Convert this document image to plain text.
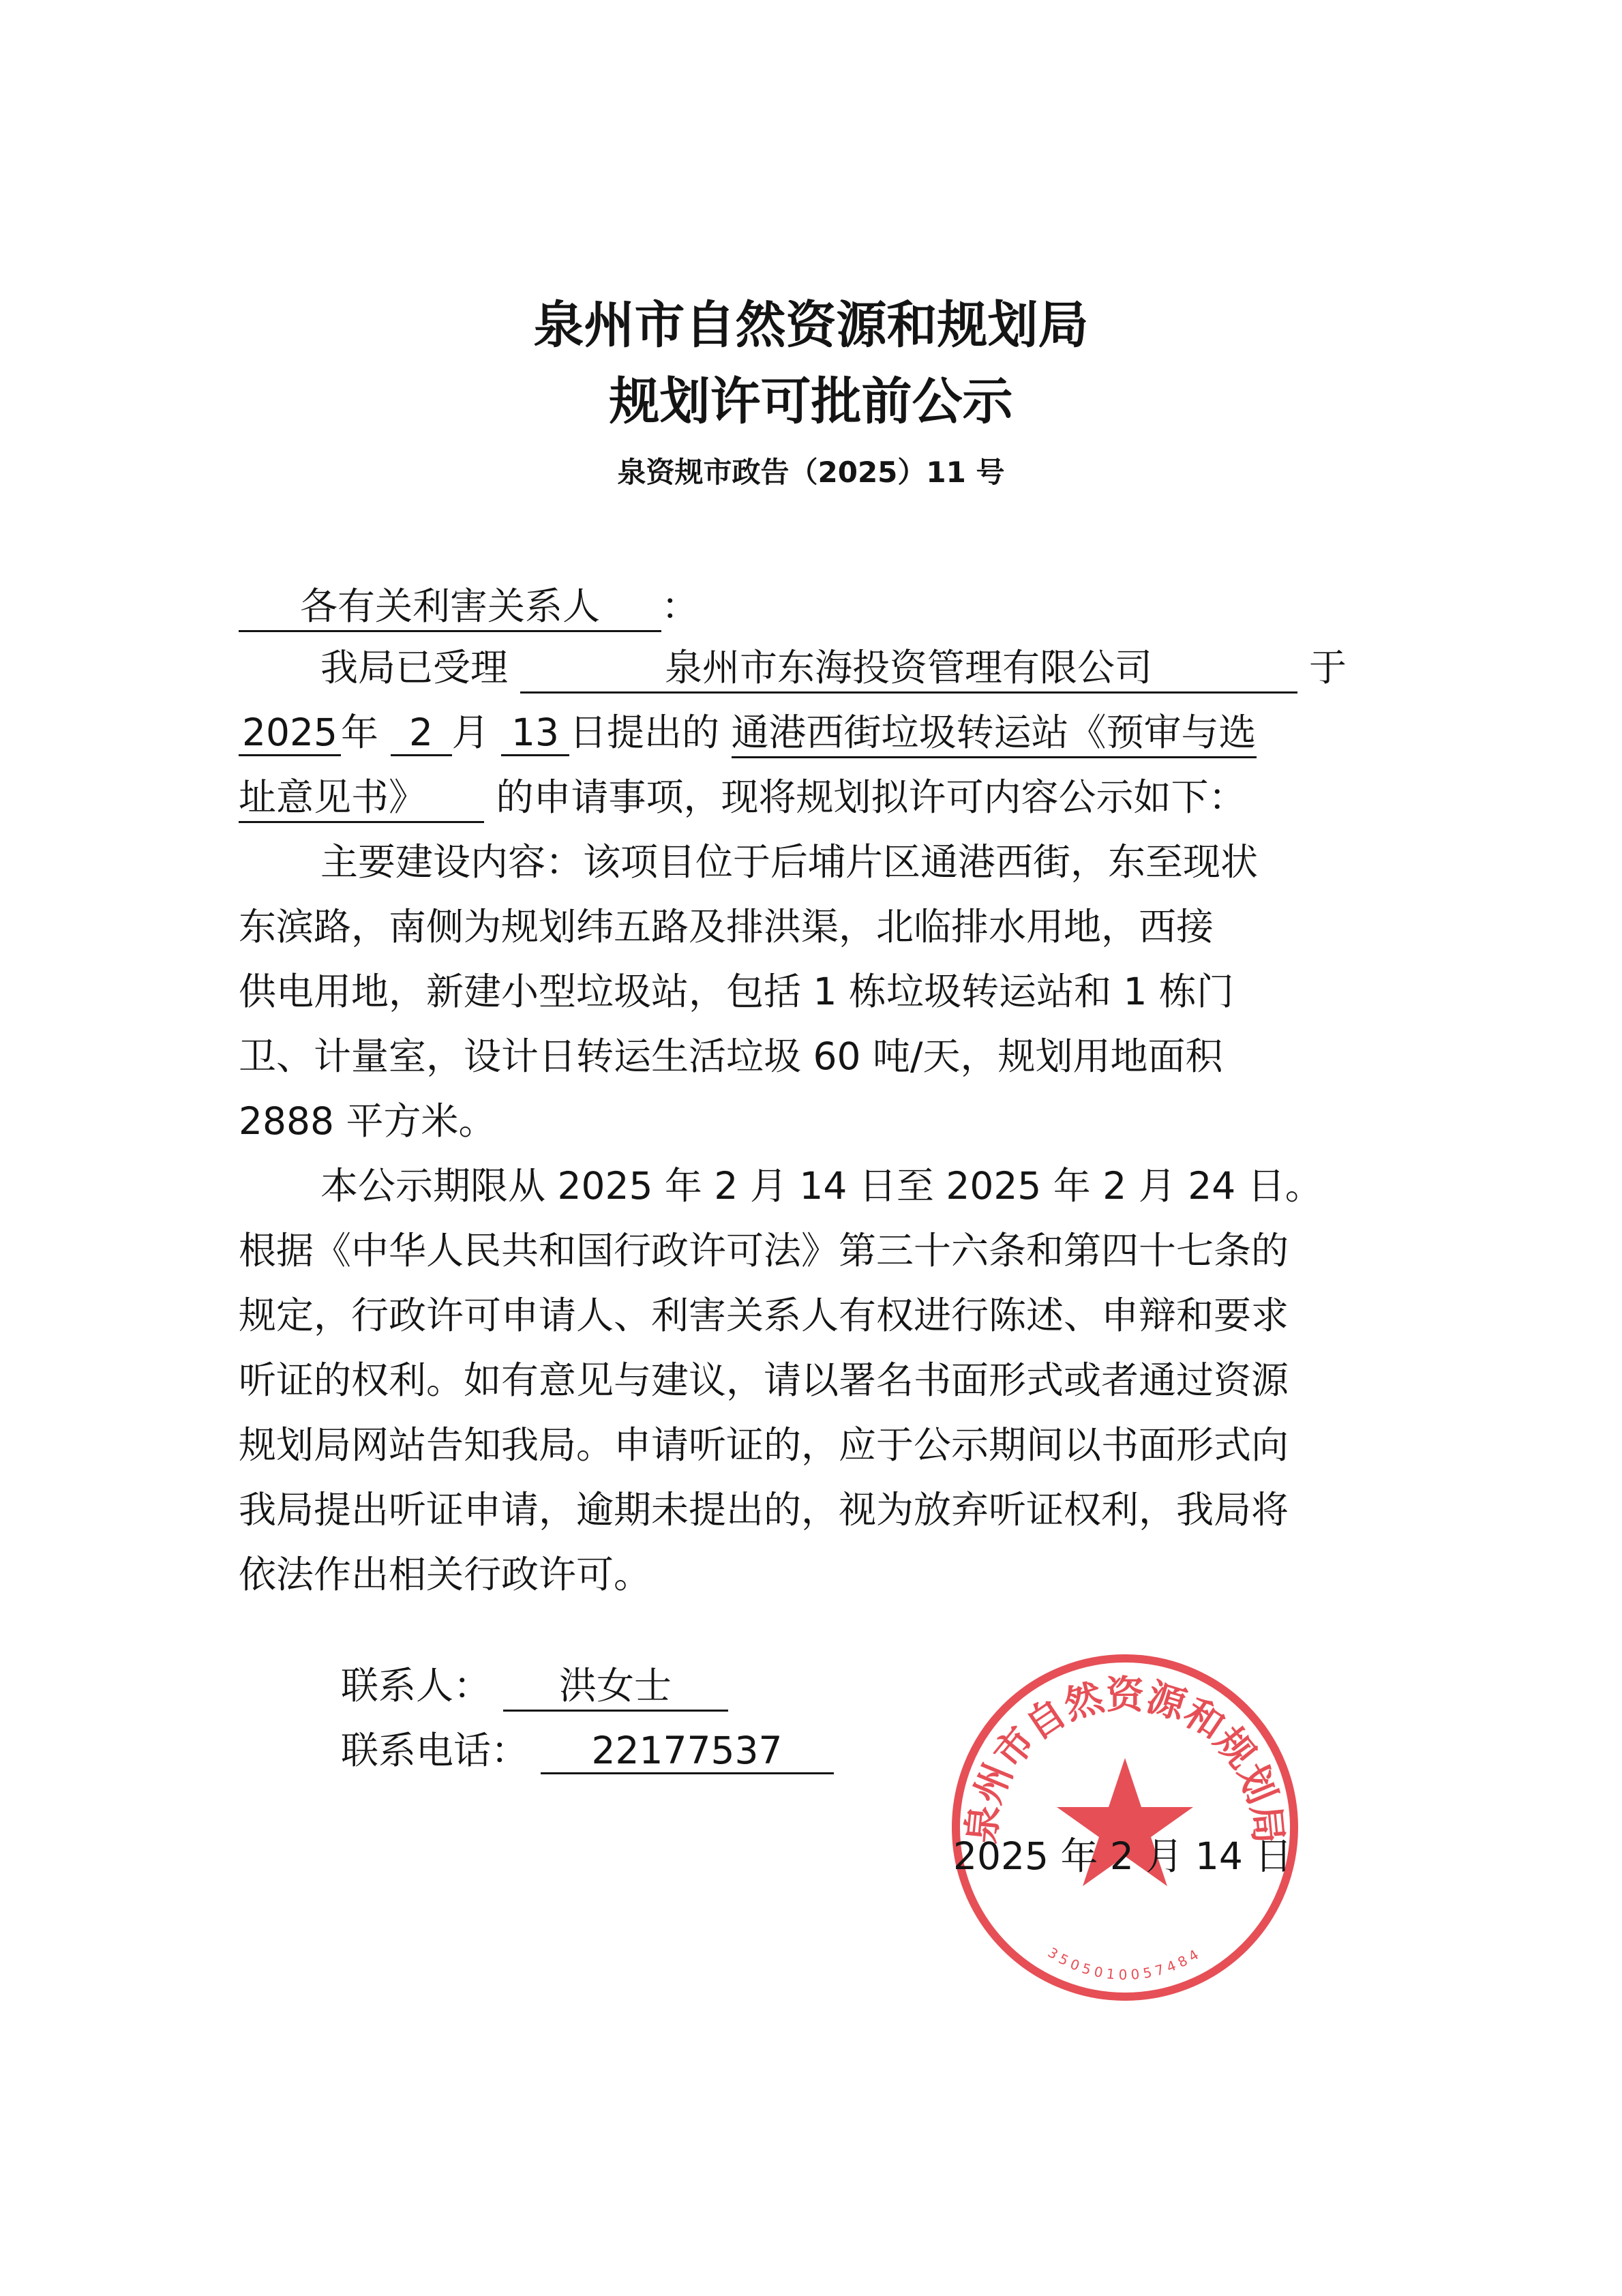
泉州市自然资源和规划局
规划许可批前公示
泉资规市政告（2025）11 号
各有关利害关系人 ：
我局已受理	泉州市东海投资管理有限公司	于
2025年 2 月 13 日提出的 通港西街垃圾转运站《预审与选
址意见书》 的申请事项，现将规划拟许可内容公示如下：
主要建设内容：该项目位于后埔片区通港西街，东至现状
东滨路，南侧为规划纬五路及排洪渠，北临排水用地，西接
供电用地，新建小型垃圾站，包括 1 栋垃圾转运站和 1 栋门
卫、计量室，设计日转运生活垃圾 60 吨/天，规划用地面积
2888 平方米。
本公示期限从 2025 年 2 月 14 日至 2025 年 2 月 24 日。
根据《中华人民共和国行政许可法》第三十六条和第四十七条的
规定，行政许可申请人、利害关系人有权进行陈述、申辩和要求
听证的权利。如有意见与建议，请以署名书面形式或者通过资源
规划局网站告知我局。申请听证的，应于公示期间以书面形式向
我局提出听证申请，逾期未提出的，视为放弃听证权利，我局将
依法作出相关行政许可。
联系人： 洪女士
联系电话： 22177537
泉州市自然资源和规划局
3505010057484
2025 年 2 月 14 日
